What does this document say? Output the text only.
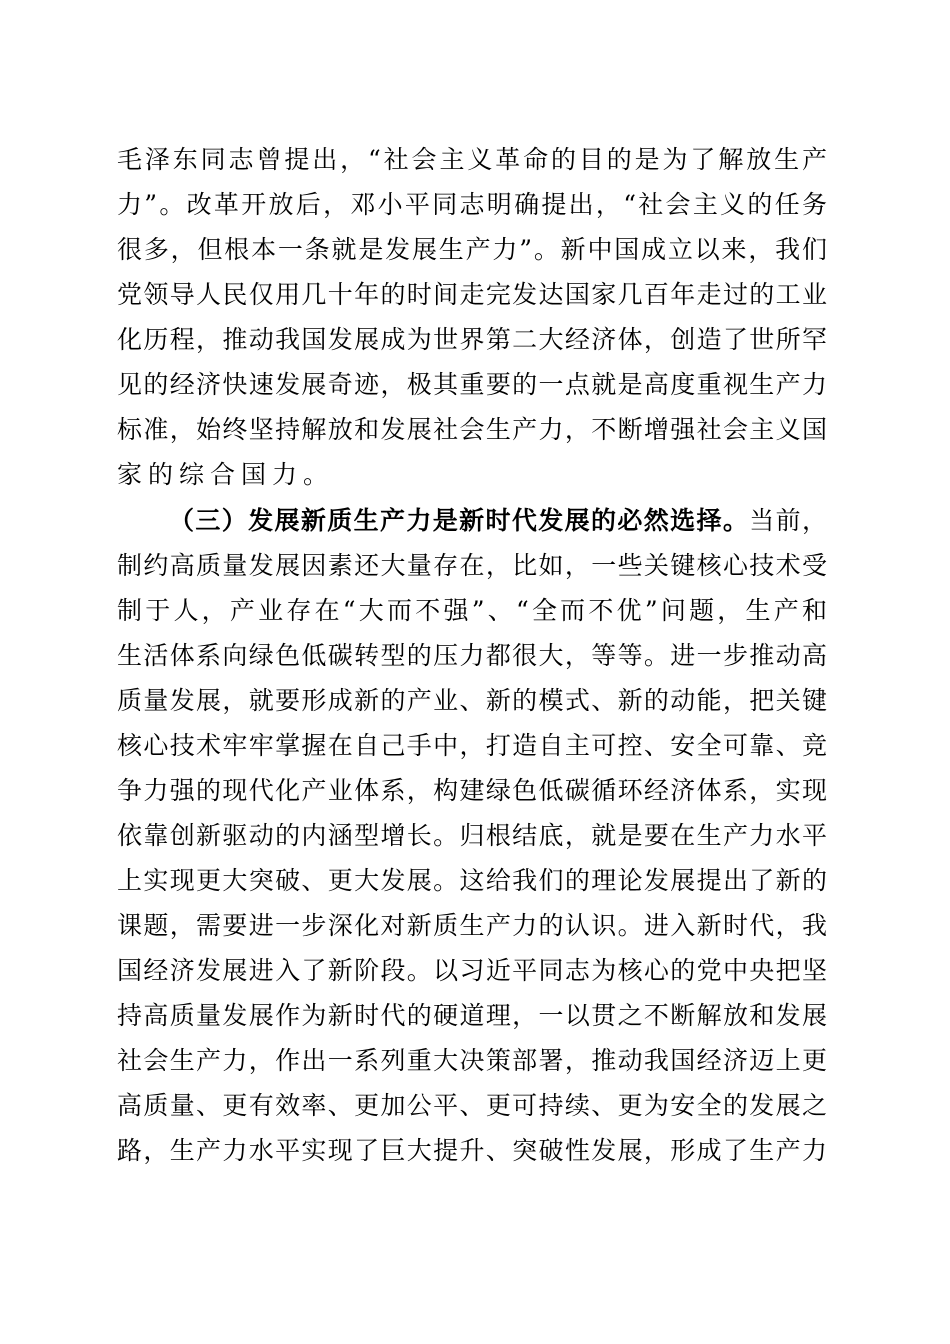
毛泽东同志曾提出，“社会主义革命的目的是为了解放生产
力”。改革开放后，邓小平同志明确提出，“社会主义的任务
很多，但根本一条就是发展生产力”。新中国成立以来，我们
党领导人民仅用几十年的时间走完发达国家几百年走过的工业
化历程，推动我国发展成为世界第二大经济体，创造了世所罕
见的经济快速发展奇迹，极其重要的一点就是高度重视生产力
标准，始终坚持解放和发展社会生产力，不断增强社会主义国
家的综合国力。
（三）发展新质生产力是新时代发展的必然选择。当前，
制约高质量发展因素还大量存在，比如，一些关键核心技术受
制于人，产业存在“大而不强”、“全而不优”问题，生产和
生活体系向绿色低碳转型的压力都很大，等等。进一步推动高
质量发展，就要形成新的产业、新的模式、新的动能，把关键
核心技术牢牢掌握在自己手中，打造自主可控、安全可靠、竞
争力强的现代化产业体系，构建绿色低碳循环经济体系，实现
依靠创新驱动的内涵型增长。归根结底，就是要在生产力水平
上实现更大突破、更大发展。这给我们的理论发展提出了新的
课题，需要进一步深化对新质生产力的认识。进入新时代，我
国经济发展进入了新阶段。以习近平同志为核心的党中央把坚
持高质量发展作为新时代的硬道理，一以贯之不断解放和发展
社会生产力，作出一系列重大决策部署，推动我国经济迈上更
高质量、更有效率、更加公平、更可持续、更为安全的发展之
路，生产力水平实现了巨大提升、突破性发展，形成了生产力
